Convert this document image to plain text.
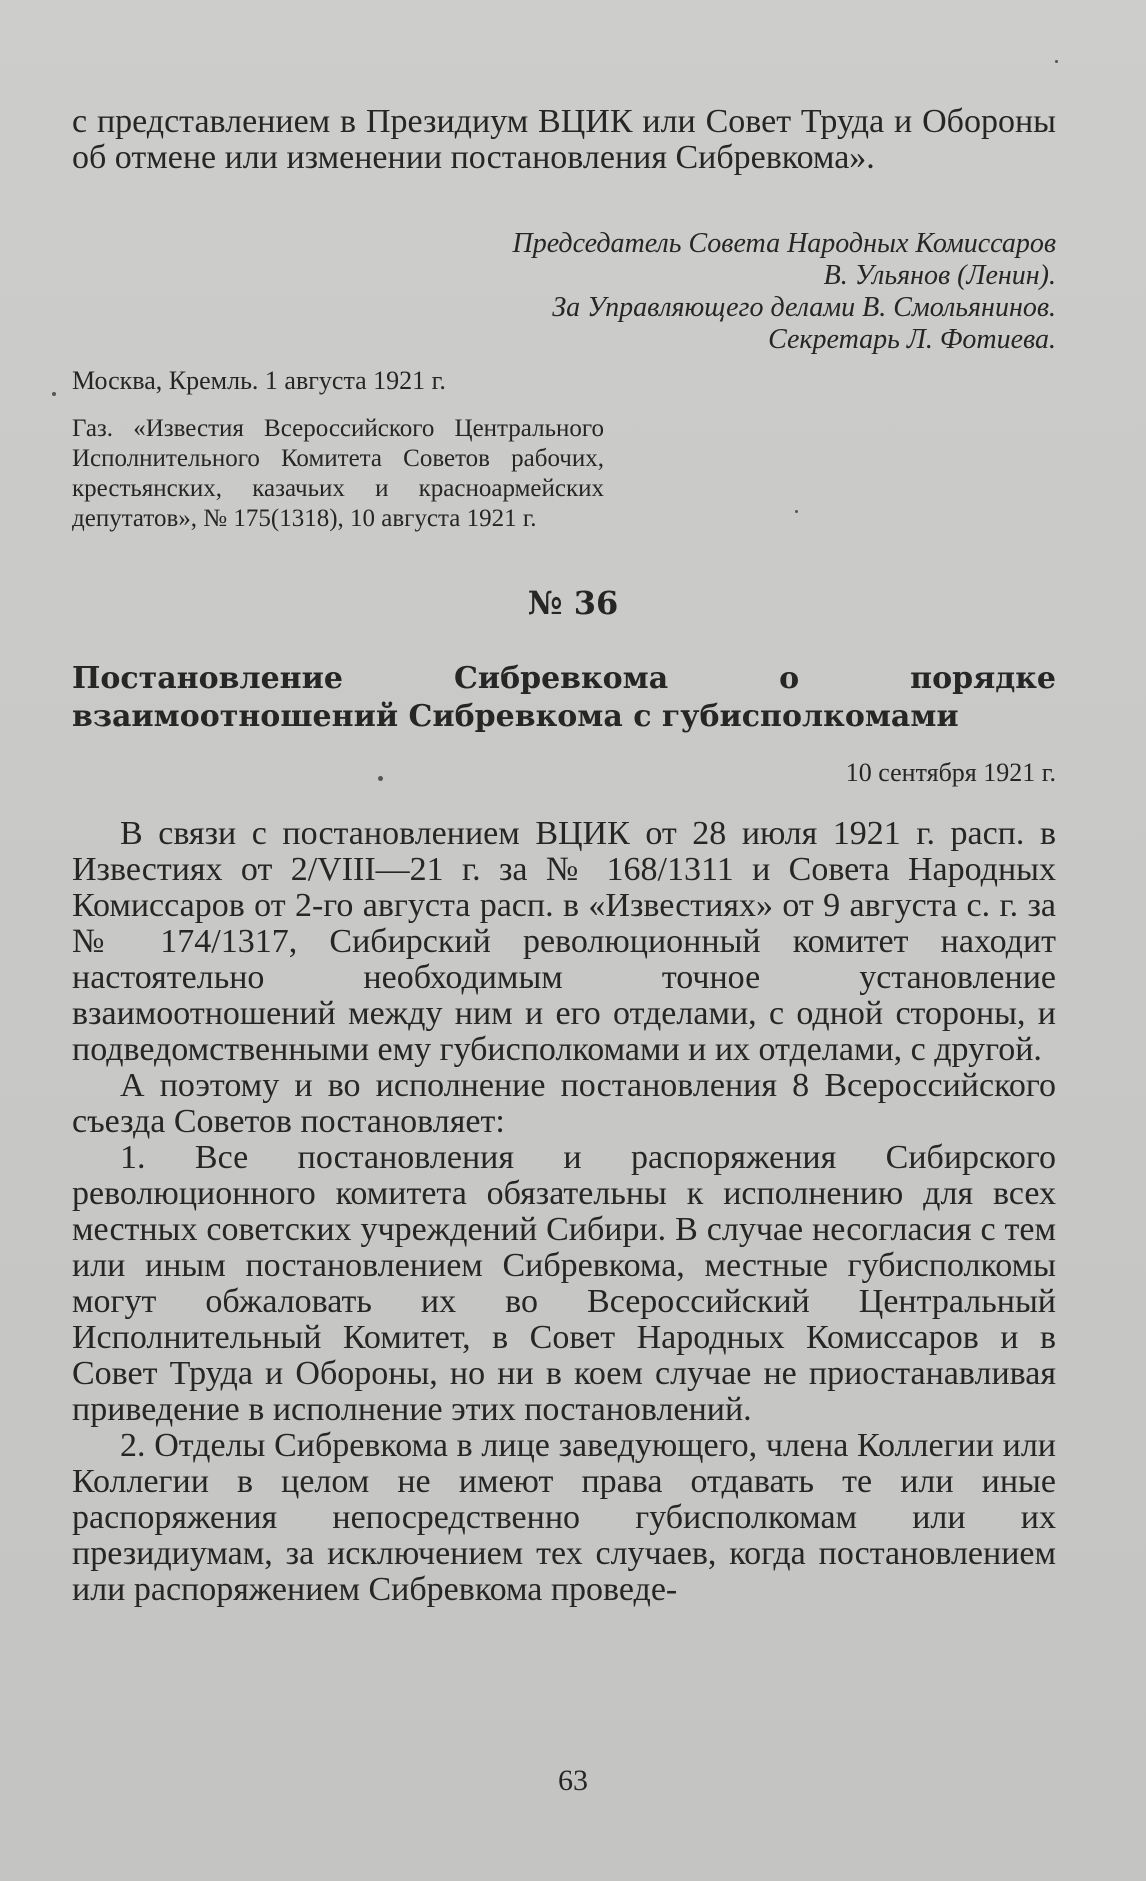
с представлением в Президиум ВЦИК или Совет Труда и Обороны об отмене или изменении постановления Сибревкома».
Председатель Совета Народных Комиссаров
В. Ульянов (Ленин).
За Управляющего делами В. Смольянинов.
Секретарь Л. Фотиева.
Москва, Кремль. 1 августа 1921 г.
Газ. «Известия Всероссийского Центрального Исполнительного Комитета Советов рабочих, крестьянских, казачьих и красноармейских депутатов», № 175(1318), 10 августа 1921 г.
№ 36
Постановление Сибревкома о порядке взаимоотношений Сибревкома с губисполкомами
10 сентября 1921 г.

В связи с постановлением ВЦИК от 28 июля 1921 г. расп. в Известиях от 2/VIII—21 г. за № 168/1311 и Совета Народных Комиссаров от 2-го августа расп. в «Известиях» от 9 августа с. г. за № 174/1317, Сибирский революционный комитет находит настоятельно необходимым точное установление взаимоотношений между ним и его отделами, с одной стороны, и подведомственными ему губисполкомами и их отделами, с другой.

А поэтому и во исполнение постановления 8 Всероссийского съезда Советов постановляет:

1. Все постановления и распоряжения Сибирского революционного комитета обязательны к исполнению для всех местных советских учреждений Сибири. В случае несогласия с тем или иным постановлением Сибревкома, местные губисполкомы могут обжаловать их во Всероссийский Центральный Исполнительный Комитет, в Совет Народных Комиссаров и в Совет Труда и Обороны, но ни в коем случае не приостанавливая приведение в исполнение этих постановлений.

2. Отделы Сибревкома в лице заведующего, члена Коллегии или Коллегии в целом не имеют права отдавать те или иные распоряжения непосредственно губисполкомам или их президиумам, за исключением тех случаев, когда постановлением или распоряжением Сибревкома проведе-

63
